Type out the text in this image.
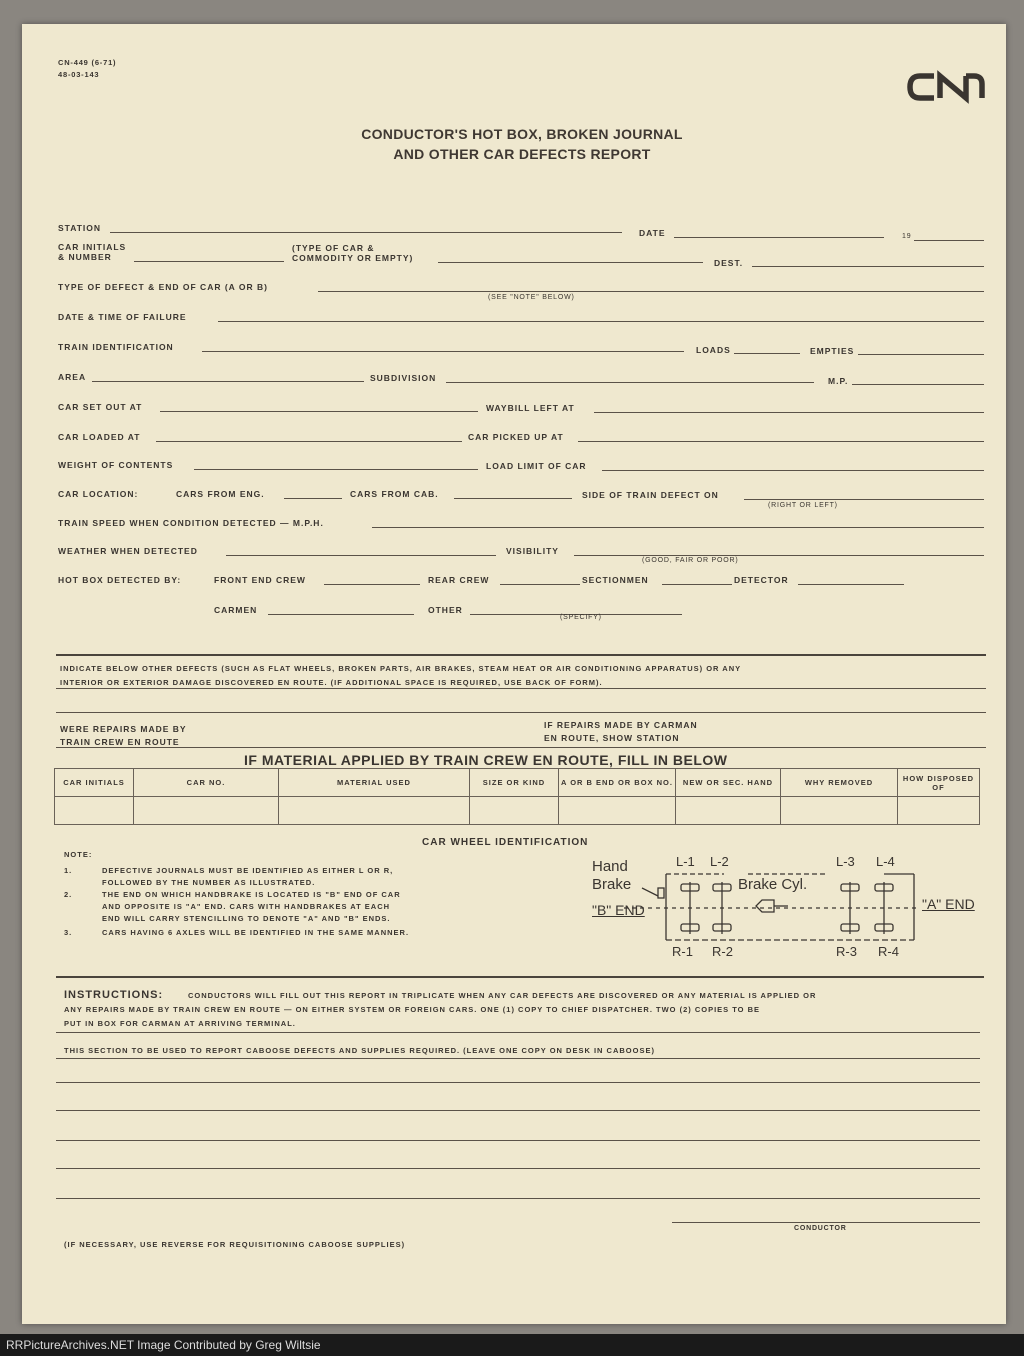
CN-449 (6-71)
48-03-143
CONDUCTOR'S HOT BOX, BROKEN JOURNAL
AND OTHER CAR DEFECTS REPORT
STATION	DATE	19
CAR INITIALS
& NUMBER
(TYPE OF CAR &
COMMODITY OR EMPTY)	DEST.
TYPE OF DEFECT & END OF CAR (A OR B)
(SEE "NOTE" BELOW)
DATE & TIME OF FAILURE
TRAIN IDENTIFICATION	LOADS	EMPTIES
AREA	SUBDIVISION	M.P.
CAR SET OUT AT	WAYBILL LEFT AT
CAR LOADED AT	CAR PICKED UP AT
WEIGHT OF CONTENTS	LOAD LIMIT OF CAR
CAR LOCATION:	CARS FROM ENG.	CARS FROM CAB.	SIDE OF TRAIN DEFECT ON
(RIGHT OR LEFT)
TRAIN SPEED WHEN CONDITION DETECTED — M.P.H.
WEATHER WHEN DETECTED	VISIBILITY
(GOOD, FAIR OR POOR)
HOT BOX DETECTED BY:	FRONT END CREW	REAR CREW	SECTIONMEN	DETECTOR
CARMEN	OTHER
(SPECIFY)
INDICATE BELOW OTHER DEFECTS (SUCH AS FLAT WHEELS, BROKEN PARTS, AIR BRAKES, STEAM HEAT OR AIR CONDITIONING APPARATUS) OR ANY
INTERIOR OR EXTERIOR DAMAGE DISCOVERED EN ROUTE. (IF ADDITIONAL SPACE IS REQUIRED, USE BACK OF FORM).
WERE REPAIRS MADE BY
TRAIN CREW EN ROUTE
IF REPAIRS MADE BY CARMAN
EN ROUTE, SHOW STATION
IF MATERIAL APPLIED BY TRAIN CREW EN ROUTE, FILL IN BELOW
CAR INITIALS	CAR NO.	MATERIAL USED	SIZE OR KIND	A OR B END OR BOX NO.	NEW OR SEC. HAND	WHY REMOVED	HOW DISPOSED OF

CAR WHEEL IDENTIFICATION
NOTE:
1.	DEFECTIVE JOURNALS MUST BE IDENTIFIED AS EITHER L OR R,
FOLLOWED BY THE NUMBER AS ILLUSTRATED.
2.	THE END ON WHICH HANDBRAKE IS LOCATED IS "B" END OF CAR
AND OPPOSITE IS "A" END. CARS WITH HANDBRAKES AT EACH
END WILL CARRY STENCILLING TO DENOTE "A" AND "B" ENDS.
3.	CARS HAVING 6 AXLES WILL BE IDENTIFIED IN THE SAME MANNER.
Hand
Brake	Brake Cyl.
"B" END	"A" END
L-1 L-2	L-3 L-4
R-1 R-2	R-3 R-4
INSTRUCTIONS:	CONDUCTORS WILL FILL OUT THIS REPORT IN TRIPLICATE WHEN ANY CAR DEFECTS ARE DISCOVERED OR ANY MATERIAL IS APPLIED OR
ANY REPAIRS MADE BY TRAIN CREW EN ROUTE — ON EITHER SYSTEM OR FOREIGN CARS. ONE (1) COPY TO CHIEF DISPATCHER. TWO (2) COPIES TO BE
PUT IN BOX FOR CARMAN AT ARRIVING TERMINAL.
THIS SECTION TO BE USED TO REPORT CABOOSE DEFECTS AND SUPPLIES REQUIRED. (LEAVE ONE COPY ON DESK IN CABOOSE)
CONDUCTOR
(IF NECESSARY, USE REVERSE FOR REQUISITIONING CABOOSE SUPPLIES)
RRPictureArchives.NET Image Contributed by Greg Wiltsie
